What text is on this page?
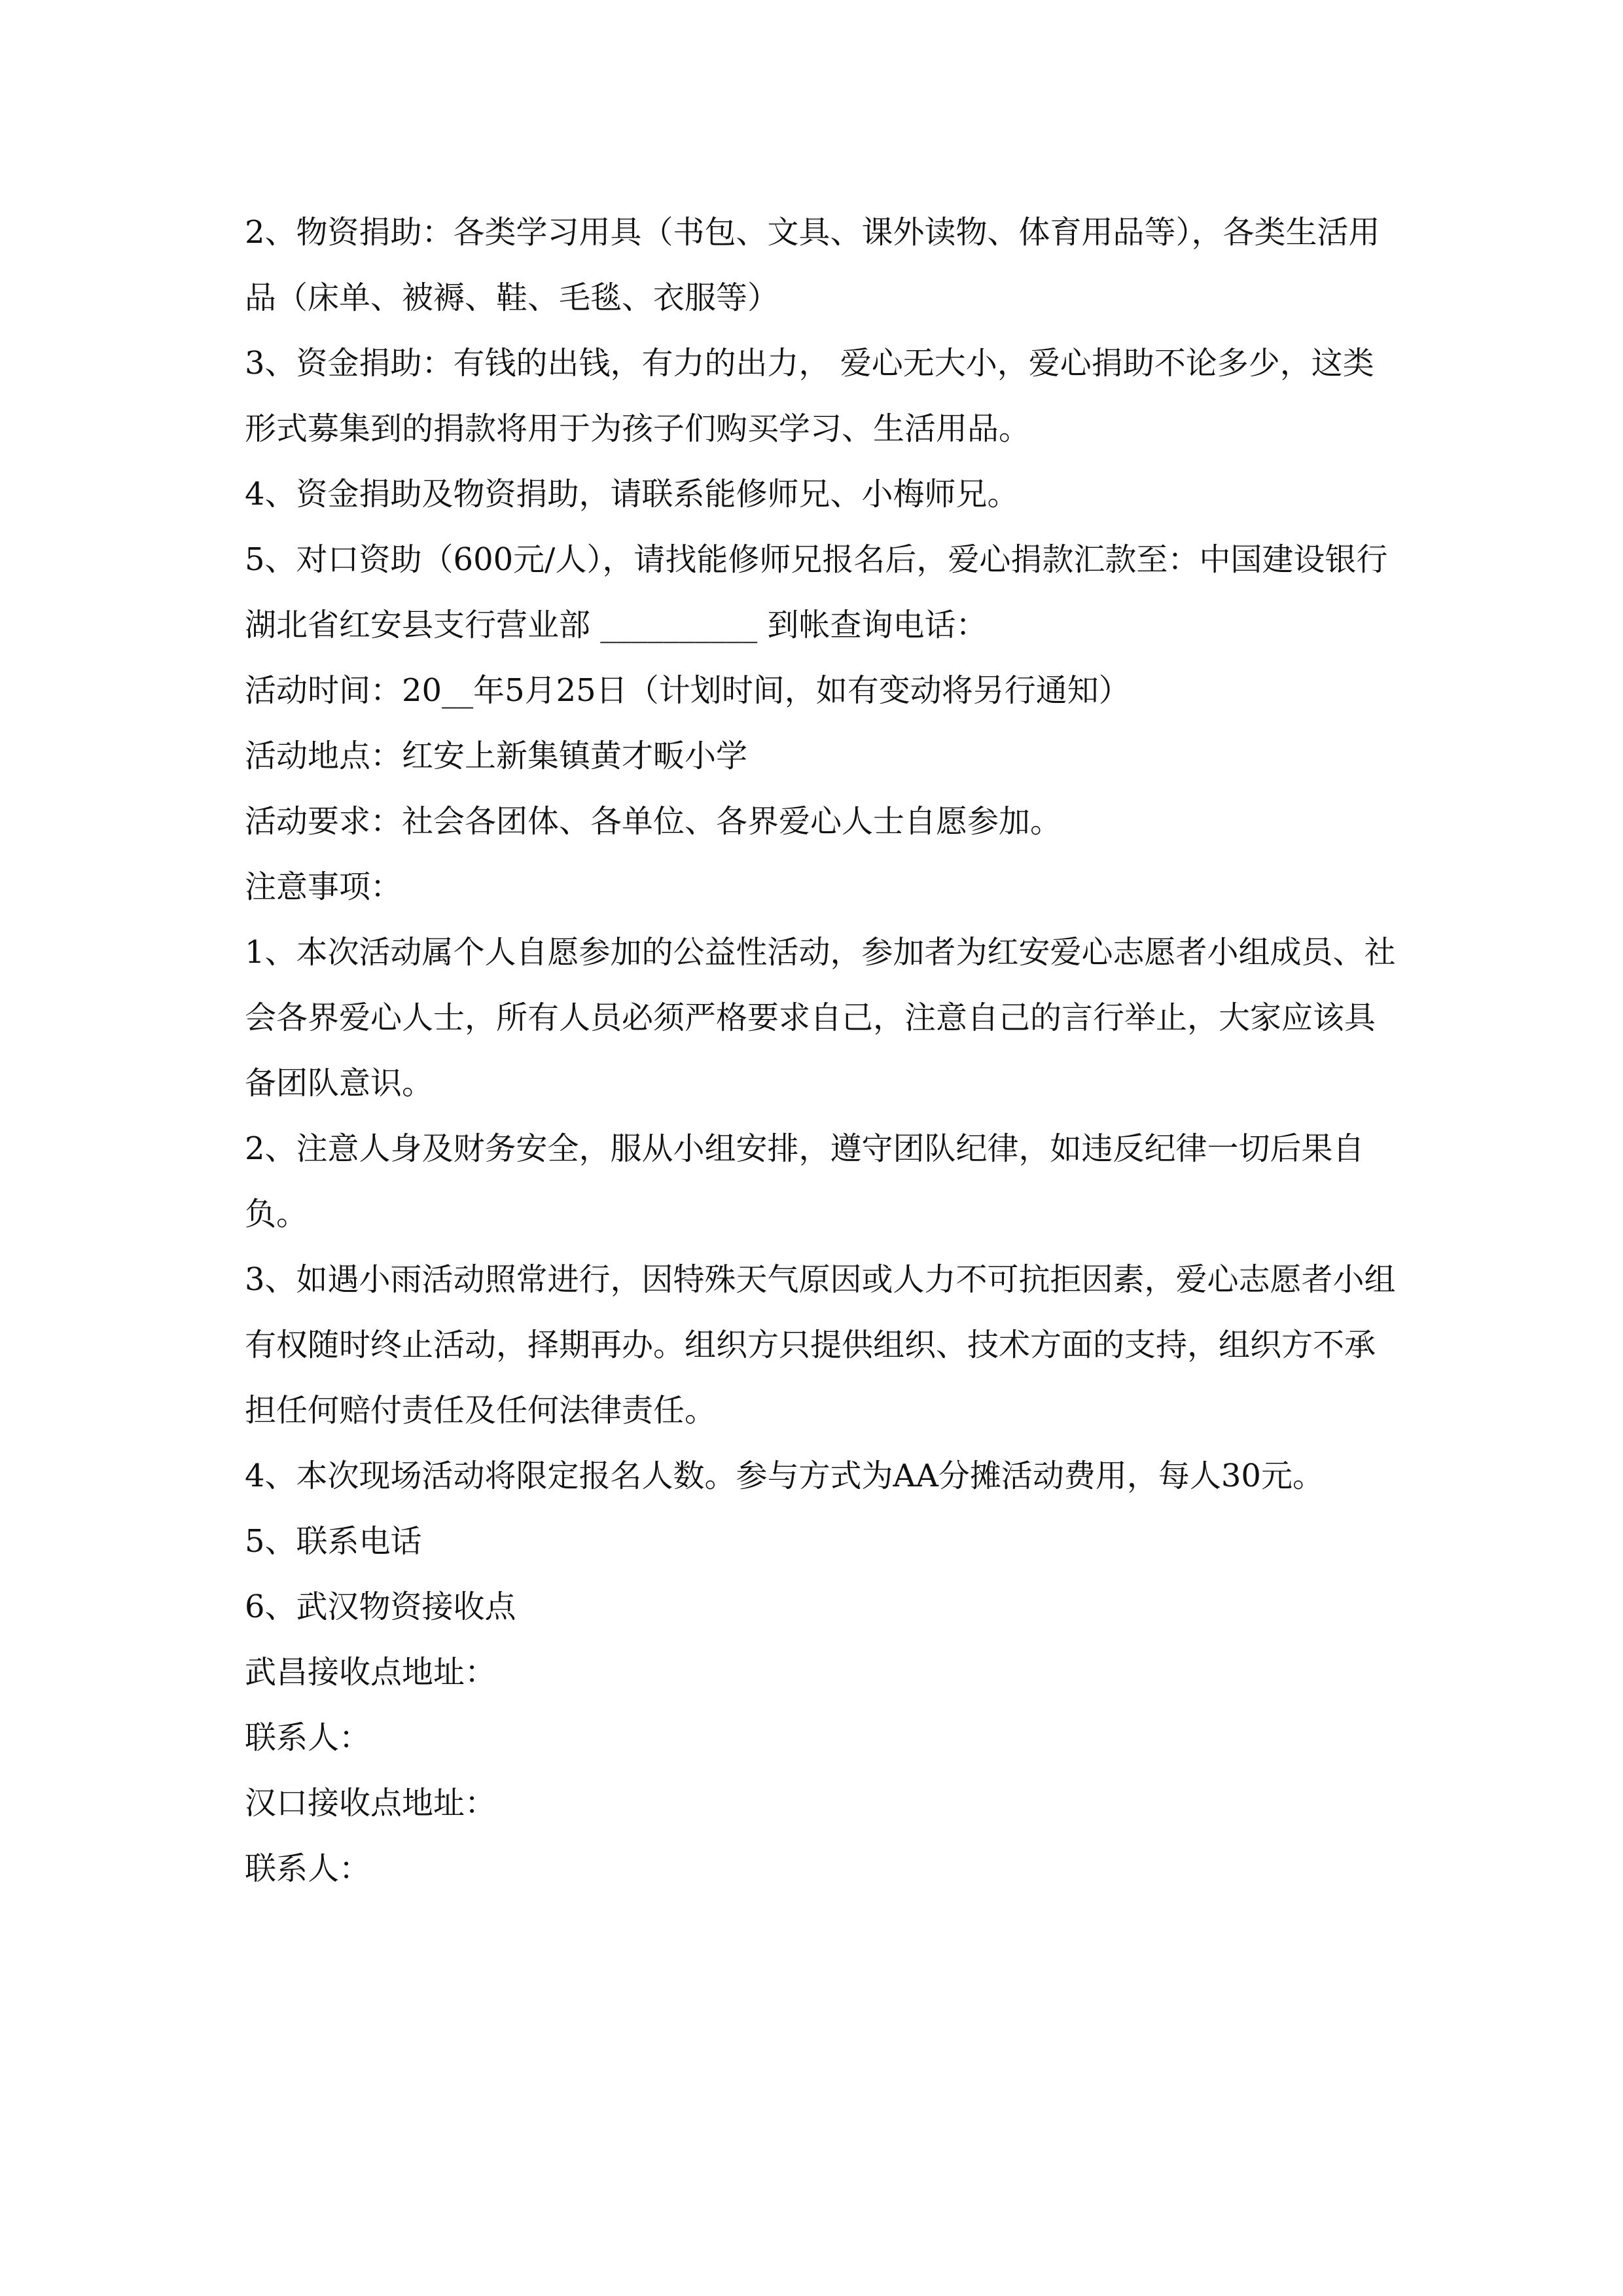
2、物资捐助：各类学习用具（书包、文具、课外读物、体育用品等），各类生活用品（床单、被褥、鞋、毛毯、衣服等）

3、资金捐助：有钱的出钱，有力的出力， 爱心无大小，爱心捐助不论多少，这类形式募集到的捐款将用于为孩子们购买学习、生活用品。

4、资金捐助及物资捐助，请联系能修师兄、小梅师兄。

5、对口资助（600元/人），请找能修师兄报名后，爱心捐款汇款至：中国建设银行湖北省红安县支行营业部 __________ 到帐查询电话：

活动时间：20__年5月25日（计划时间，如有变动将另行通知）

活动地点：红安上新集镇黄才畈小学

活动要求：社会各团体、各单位、各界爱心人士自愿参加。

注意事项：

1、本次活动属个人自愿参加的公益性活动，参加者为红安爱心志愿者小组成员、社会各界爱心人士，所有人员必须严格要求自己，注意自己的言行举止，大家应该具备团队意识。

2、注意人身及财务安全，服从小组安排，遵守团队纪律，如违反纪律一切后果自负。

3、如遇小雨活动照常进行，因特殊天气原因或人力不可抗拒因素，爱心志愿者小组有权随时终止活动，择期再办。组织方只提供组织、技术方面的支持，组织方不承担任何赔付责任及任何法律责任。

4、本次现场活动将限定报名人数。参与方式为AA分摊活动费用，每人30元。

5、联系电话

6、武汉物资接收点

武昌接收点地址：

联系人：

汉口接收点地址：

联系人：
